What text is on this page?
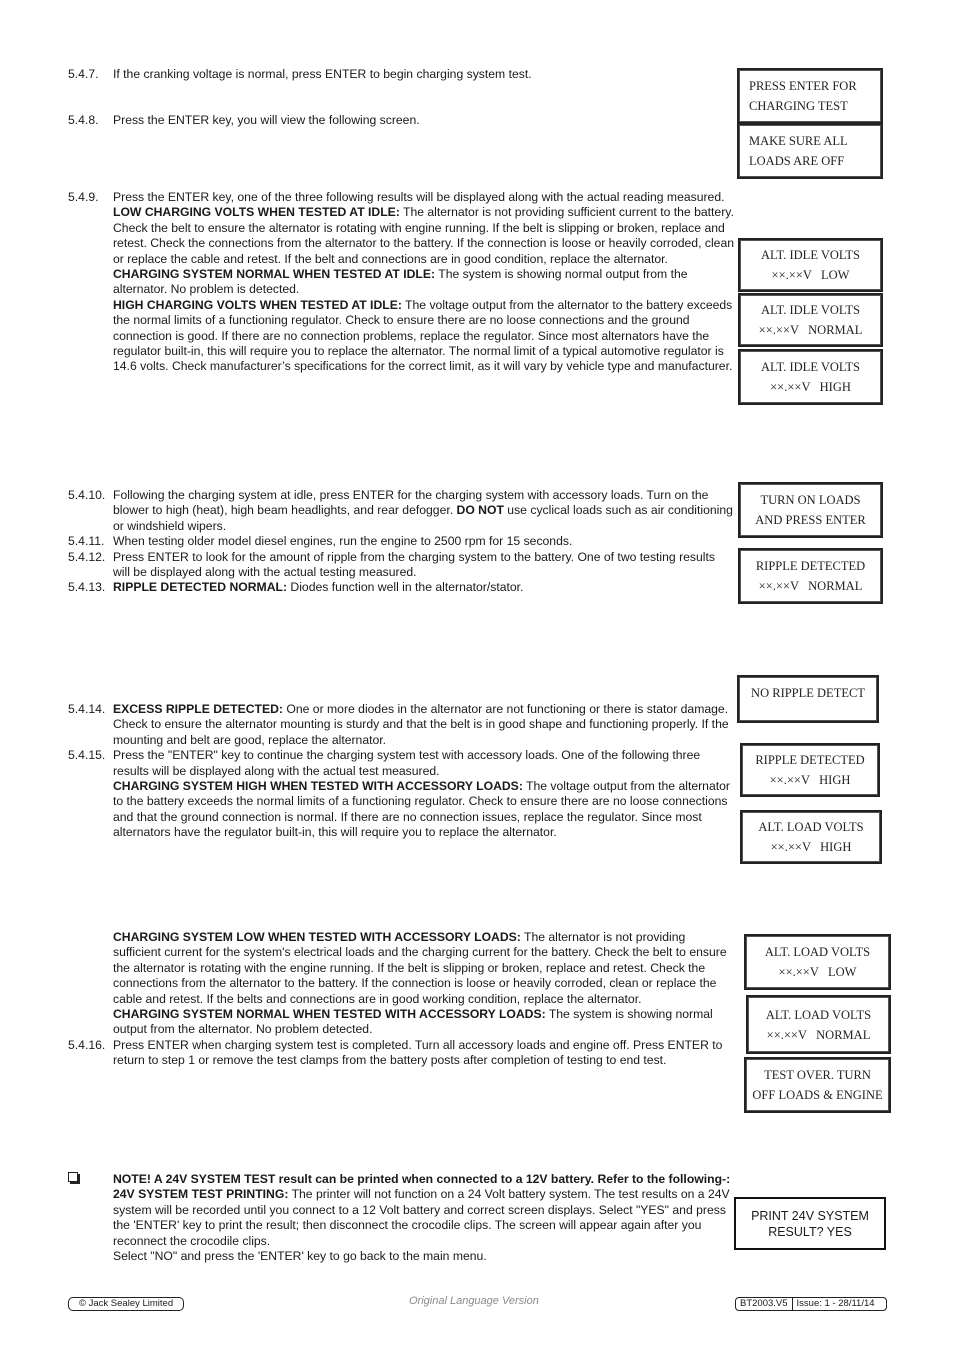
5.4.7. If the cranking voltage is normal, press ENTER to begin charging system test.
5.4.8. Press the ENTER key, you will view the following screen.
5.4.9. Press the ENTER key, one of the three following results will be displayed along with the actual reading measured.
LOW CHARGING VOLTS WHEN TESTED AT IDLE: The alternator is not providing sufficient current to the battery. Check the belt to ensure the alternator is rotating with engine running. If the belt is slipping or broken, replace and retest. Check the connections from the alternator to the battery. If the connection is loose or heavily corroded, clean or replace the cable and retest. If the belt and connections are in good condition, replace the alternator.
CHARGING SYSTEM NORMAL WHEN TESTED AT IDLE: The system is showing normal output from the alternator. No problem is detected.
HIGH CHARGING VOLTS WHEN TESTED AT IDLE: The voltage output from the alternator to the battery exceeds the normal limits of a functioning regulator. Check to ensure there are no loose connections and the ground connection is good. If there are no connection problems, replace the regulator. Since most alternators have the regulator built-in, this will require you to replace the alternator. The normal limit of a typical automotive regulator is 14.6 volts. Check manufacturer’s specifications for the correct limit, as it will vary by vehicle type and manufacturer.
5.4.10. Following the charging system at idle, press ENTER for the charging system with accessory loads. Turn on the blower to high (heat), high beam headlights, and rear defogger. DO NOT use cyclical loads such as air conditioning or windshield wipers.
5.4.11. When testing older model diesel engines, run the engine to 2500 rpm for 15 seconds.
5.4.12. Press ENTER to look for the amount of ripple from the charging system to the battery. One of two testing results will be displayed along with the actual testing measured.
5.4.13. RIPPLE DETECTED NORMAL: Diodes function well in the alternator/stator.
5.4.14. EXCESS RIPPLE DETECTED: One or more diodes in the alternator are not functioning or there is stator damage. Check to ensure the alternator mounting is sturdy and that the belt is in good shape and functioning properly. If the mounting and belt are good, replace the alternator.
5.4.15. Press the "ENTER" key to continue the charging system test with accessory loads. One of the following three results will be displayed along with the actual test measured.
CHARGING SYSTEM HIGH WHEN TESTED WITH ACCESSORY LOADS: The voltage output from the alternator to the battery exceeds the normal limits of a functioning regulator. Check to ensure there are no loose connections and that the ground connection is normal. If there are no connection issues, replace the regulator. Since most alternators have the regulator built-in, this will require you to replace the alternator.
CHARGING SYSTEM LOW WHEN TESTED WITH ACCESSORY LOADS: The alternator is not providing sufficient current for the system's electrical loads and the charging current for the battery. Check the belt to ensure the alternator is rotating with the engine running. If the belt is slipping or broken, replace and retest. Check the connections from the alternator to the battery. If the connection is loose or heavily corroded, clean or replace the cable and retest. If the belts and connections are in good working condition, replace the alternator.
CHARGING SYSTEM NORMAL WHEN TESTED WITH ACCESSORY LOADS: The system is showing normal output from the alternator. No problem detected.
5.4.16. Press ENTER when charging system test is completed. Turn all accessory loads and engine off. Press ENTER to return to step 1 or remove the test clamps from the battery posts after completion of testing to end test.
NOTE! A 24V SYSTEM TEST result can be printed when connected to a 12V battery. Refer to the following-:
24V SYSTEM TEST PRINTING: The printer will not function on a 24 Volt battery system. The test results on a 24V system will be recorded until you connect to a 12 Volt battery and correct screen displays. Select "YES" and press the 'ENTER' key to print the result; then disconnect the crocodile clips. The screen will appear again after you reconnect the crocodile clips.
Select "NO" and press the 'ENTER' key to go back to the main menu.
PRESS ENTER FOR
CHARGING TEST
MAKE SURE ALL
LOADS ARE OFF
ALT. IDLE VOLTS
××.××V   LOW
ALT. IDLE VOLTS
××.××V   NORMAL
ALT. IDLE VOLTS
××.××V   HIGH
TURN ON LOADS
AND PRESS ENTER
RIPPLE DETECTED
××.××V   NORMAL
NO RIPPLE DETECT
RIPPLE DETECTED
××.××V   HIGH
ALT. LOAD VOLTS
××.××V   HIGH
ALT. LOAD VOLTS
××.××V   LOW
ALT. LOAD VOLTS
××.××V   NORMAL
TEST OVER. TURN
OFF LOADS & ENGINE
PRINT 24V SYSTEM
RESULT? YES
© Jack Sealey Limited	Original Language Version	BT2003.V5 Issue: 1 - 28/11/14
